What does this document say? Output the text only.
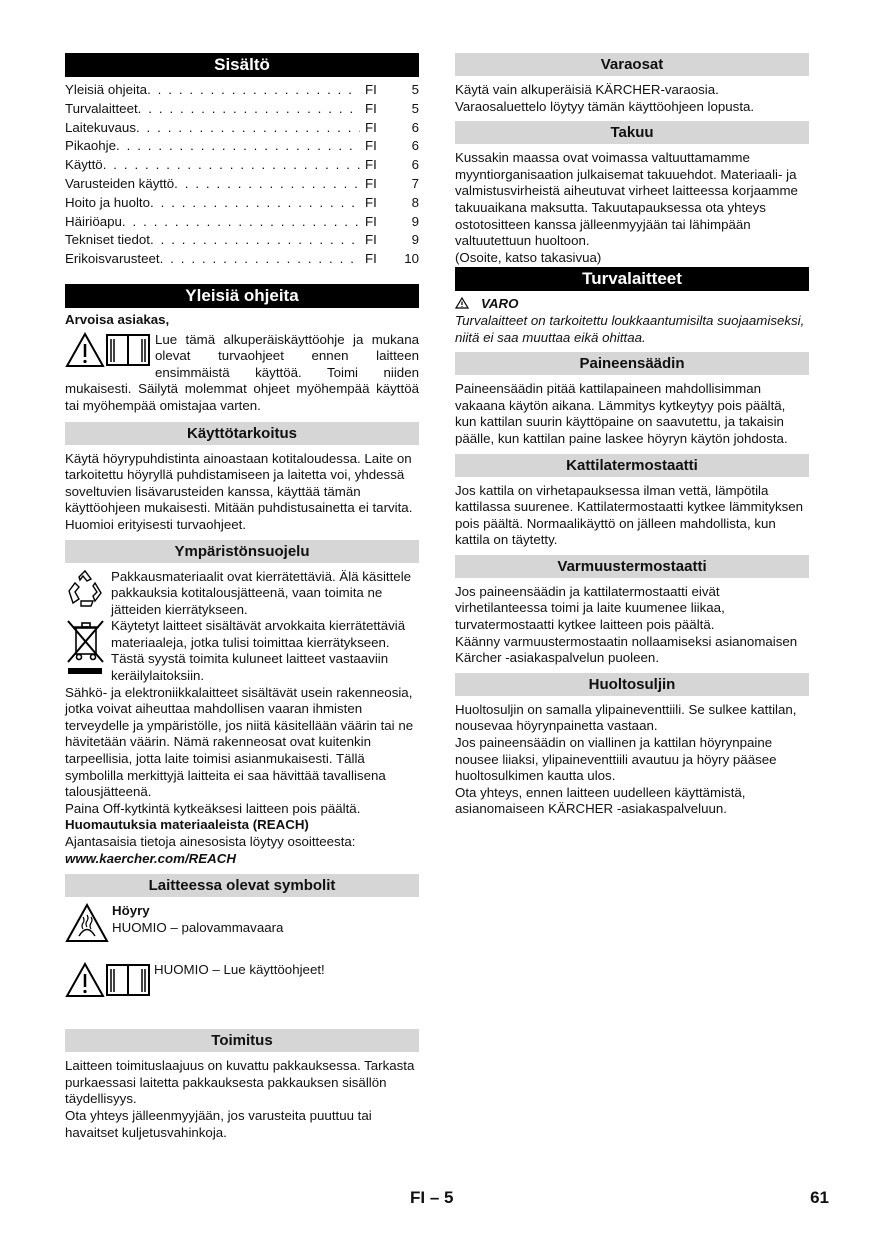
Sisältö
Yleisiä ohjeita . . .	FI	5
Turvalaitteet . . .	FI	5
Laitekuvaus . . .	FI	6
Pikaohje . . .	FI	6
Käyttö . . .	FI	6
Varusteiden käyttö . . .	FI	7
Hoito ja huolto . . .	FI	8
Häiriöapu . . .	FI	9
Tekniset tiedot . . .	FI	9
Erikoisvarusteet . . .	FI	10
Yleisiä ohjeita

Arvoisa asiakas,

Lue tämä alkuperäiskäyttöohje ja mukana olevat turvaohjeet ennen laitteen ensimmäistä käyttöä. Toimi niiden mukaisesti. Säilytä molemmat ohjeet myöhempää käyttöä tai myöhempää omistajaa varten.

Käyttötarkoitus

Käytä höyrypuhdistinta ainoastaan kotitaloudessa. Laite on tarkoitettu höyryllä puhdistamiseen ja laitetta voi, yhdessä soveltuvien lisävarusteiden kanssa, käyttää tämän käyttöohjeen mukaisesti. Mitään puhdistusainetta ei tarvita. Huomioi erityisesti turvaohjeet.

Ympäristönsuojelu

Pakkausmateriaalit ovat kierrätettäviä. Älä käsittele pakkauksia kotitalousjätteenä, vaan toimita ne jätteiden kierrätykseen.

Käytetyt laitteet sisältävät arvokkaita kierrätettäviä materiaaleja, jotka tulisi toimittaa kierrätykseen. Tästä syystä toimita kuluneet laitteet vastaaviin keräilylaitoksiin.

Sähkö- ja elektroniikkalaitteet sisältävät usein rakenneosia, jotka voivat aiheuttaa mahdollisen vaaran ihmisten terveydelle ja ympäristölle, jos niitä käsitellään väärin tai ne hävitetään väärin. Nämä rakenneosat ovat kuitenkin tarpeellisia, jotta laite toimisi asianmukaisesti. Tällä symbolilla merkittyjä laitteita ei saa hävittää tavallisena talousjätteenä.

Paina Off-kytkintä kytkeäksesi laitteen pois päältä.

Huomautuksia materiaaleista (REACH)

Ajantasaisia tietoja ainesosista löytyy osoitteesta:

www.kaercher.com/REACH

Laitteessa olevat symbolit

Höyry

HUOMIO – palovammavaara

HUOMIO – Lue käyttöohjeet!

Toimitus

Laitteen toimituslaajuus on kuvattu pakkauksessa. Tarkasta purkaessasi laitetta pakkauksesta pakkauksen sisällön täydellisyys.

Ota yhteys jälleenmyyjään, jos varusteita puuttuu tai havaitset kuljetusvahinkoja.

Varaosat

Käytä vain alkuperäisiä KÄRCHER-varaosia. Varaosaluettelo löytyy tämän käyttöohjeen lopusta.

Takuu

Kussakin maassa ovat voimassa valtuuttamamme myyntiorganisaation julkaisemat takuuehdot. Materiaali- ja valmistusvirheistä aiheutuvat virheet laitteessa korjaamme takuuaikana maksutta. Takuutapauksessa ota yhteys ostotositteen kanssa jälleenmyyjään tai lähimpään valtuutettuun huoltoon.

(Osoite, katso takasivua)

Turvalaitteet

VARO

Turvalaitteet on tarkoitettu loukkaantumisilta suojaamiseksi, niitä ei saa muuttaa eikä ohittaa.

Paineensäädin

Paineensäädin pitää kattilapaineen mahdollisimman vakaana käytön aikana. Lämmitys kytkeytyy pois päältä, kun kattilan suurin käyttöpaine on saavutettu, ja takaisin päälle, kun kattilan paine laskee höyryn käytön johdosta.

Kattilatermostaatti

Jos kattila on virhetapauksessa ilman vettä, lämpötila kattilassa suurenee. Kattilatermostaatti kytkee lämmityksen pois päältä. Normaalikäyttö on jälleen mahdollista, kun kattila on täytetty.

Varmuustermostaatti

Jos paineensäädin ja kattilatermostaatti eivät virhetilanteessa toimi ja laite kuumenee liikaa, turvatermostaatti kytkee laitteen pois päältä.

Käänny varmuustermostaatin nollaamiseksi asianomaisen Kärcher -asiakaspalvelun puoleen.

Huoltosuljin

Huoltosuljin on samalla ylipaineventtiili. Se sulkee kattilan, nousevaa höyrynpainetta vastaan.

Jos paineensäädin on viallinen ja kattilan höyrynpaine nousee liiaksi, ylipaineventtiili avautuu ja höyry pääsee huoltosulkimen kautta ulos.

Ota yhteys, ennen laitteen uudelleen käyttämistä, asianomaiseen KÄRCHER -asiakaspalveluun.

FI – 5	61
